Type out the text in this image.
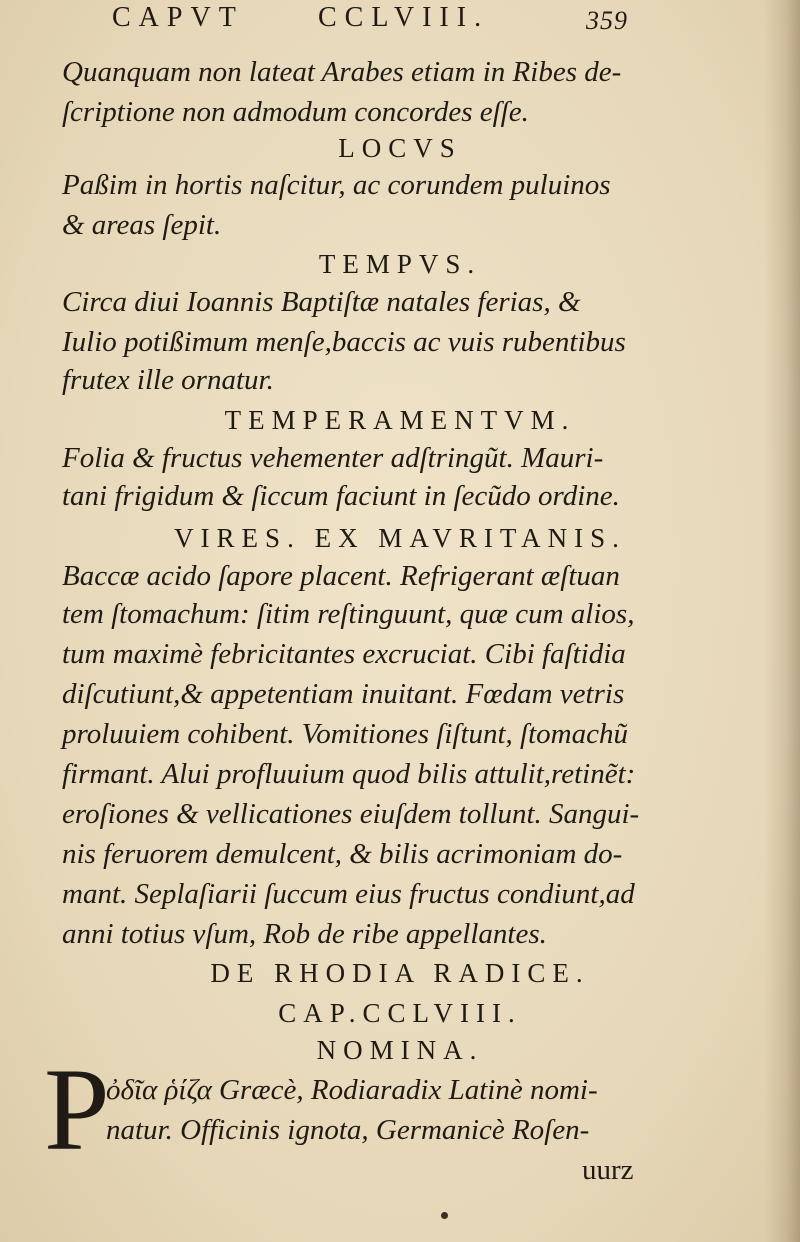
CAPVT	CCLVIII.	359
Quanquam non lateat Arabes etiam in Ribes de-
ſcriptione non admodum concordes eſſe.
LOCVS
Paßim in hortis naſcitur, ac corundem puluinos
& areas ſepit.
TEMPVS.
Circa diui Ioannis Baptiſtæ natales ferias, &
Iulio potißimum menſe,baccis ac vuis rubentibus
frutex ille ornatur.
TEMPERAMENTVM.
Folia & fructus vehementer adſtringũt. Mauri-
tani frigidum & ſiccum faciunt in ſecũdo ordine.
VIRES. EX MAVRITANIS.
Baccæ acido ſapore placent. Refrigerant æſtuan
tem ſtomachum: ſitim reſtinguunt, quæ cum alios,
tum maximè febricitantes excruciat. Cibi faſtidia
diſcutiunt,& appetentiam inuitant. Fœdam vetris
proluuiem cohibent. Vomitiones ſiſtunt, ſtomachũ
firmant. Alui profluuium quod bilis attulit,retinẽt:
eroſiones & vellicationes eiuſdem tollunt. Sangui-
nis feruorem demulcent, & bilis acrimoniam do-
mant. Seplaſiarii ſuccum eius fructus condiunt,ad
anni totius vſum, Rob de ribe appellantes.
DE RHODIA RADICE.
CAP.CCLVIII.
NOMINA.
P
ὀδῖα ῥίζα Græcè, Rodiaradix Latinè nomi-
natur. Officinis ignota, Germanicè Roſen-
uurz
